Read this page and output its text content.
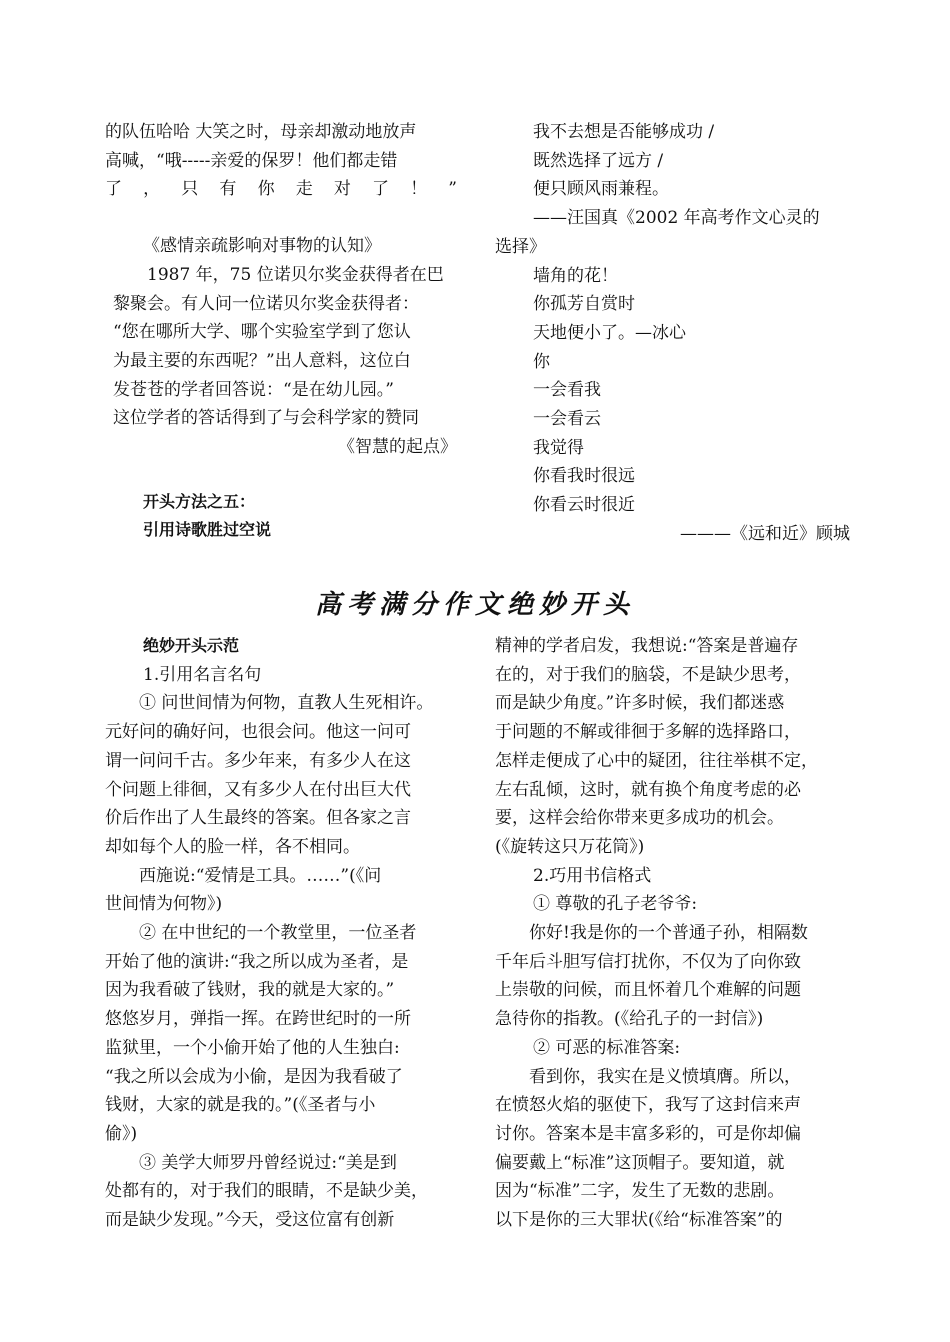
的队伍哈哈 大笑之时，母亲却激动地放声

高喊，“哦-----亲爱的保罗！他们都走错

了 ， 只 有 你 走 对 了 ！ ”

《感情亲疏影响对事物的认知》

1987 年，75 位诺贝尔奖金获得者在巴

黎聚会。有人问一位诺贝尔奖金获得者：

“您在哪所大学、哪个实验室学到了您认

为最主要的东西呢？”出人意料，这位白

发苍苍的学者回答说：“是在幼儿园。”

这位学者的答话得到了与会科学家的赞同

《智慧的起点》

开头方法之五：

引用诗歌胜过空说

我不去想是否能够成功 /

既然选择了远方 /

便只顾风雨兼程。

——汪国真《2002 年高考作文心灵的

选择》

墙角的花！

你孤芳自赏时

天地便小了。—冰心

你

一会看我

一会看云

我觉得

你看我时很远

你看云时很近

———《远和近》顾城

高考满分作文绝妙开头

绝妙开头示范

1.引用名言名句

① 问世间情为何物，直教人生死相许。

元好问的确好问，也很会问。他这一问可

谓一问问千古。多少年来，有多少人在这

个问题上徘徊，又有多少人在付出巨大代

价后作出了人生最终的答案。但各家之言

却如每个人的脸一样，各不相同。

西施说:“爱情是工具。……”(《问

世间情为何物》)

② 在中世纪的一个教堂里，一位圣者

开始了他的演讲:“我之所以成为圣者，是

因为我看破了钱财，我的就是大家的。”

悠悠岁月，弹指一挥。在跨世纪时的一所

监狱里，一个小偷开始了他的人生独白:

“我之所以会成为小偷，是因为我看破了

钱财，大家的就是我的。”(《圣者与小

偷》)

③ 美学大师罗丹曾经说过:“美是到

处都有的，对于我们的眼睛，不是缺少美，

而是缺少发现。”今天，受这位富有创新

精神的学者启发，我想说:“答案是普遍存

在的，对于我们的脑袋，不是缺少思考，

而是缺少角度。”许多时候，我们都迷惑

于问题的不解或徘徊于多解的选择路口，

怎样走便成了心中的疑团，往往举棋不定，

左右乱倾，这时，就有换个角度考虑的必

要，这样会给你带来更多成功的机会。

(《旋转这只万花筒》)

2.巧用书信格式

① 尊敬的孔子老爷爷:

你好!我是你的一个普通子孙，相隔数

千年后斗胆写信打扰你，不仅为了向你致

上崇敬的问候，而且怀着几个难解的问题

急待你的指教。(《给孔子的一封信》)

② 可恶的标准答案:

看到你，我实在是义愤填膺。所以，

在愤怒火焰的驱使下，我写了这封信来声

讨你。答案本是丰富多彩的，可是你却偏

偏要戴上“标准”这顶帽子。要知道，就

因为“标准”二字，发生了无数的悲剧。

以下是你的三大罪状(《给“标准答案”的
